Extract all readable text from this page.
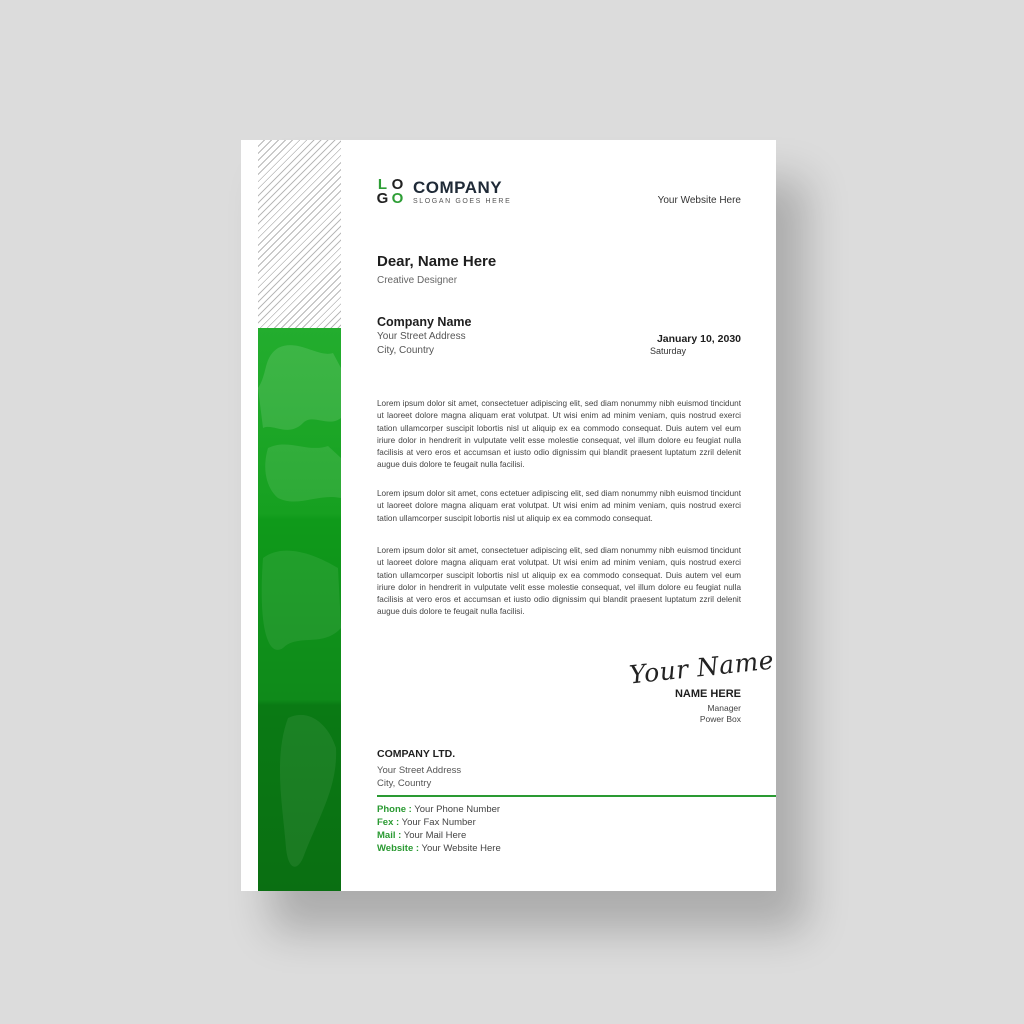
L O
G O
COMPANY
SLOGAN GOES HERE	Your Website Here
Dear, Name Here
Creative Designer
Company Name
Your Street Address
City, Country
January 10, 2030
Saturday

Lorem ipsum dolor sit amet, consectetuer adipiscing elit, sed diam nonummy nibh euismod tincidunt ut laoreet dolore magna aliquam erat volutpat. Ut wisi enim ad minim veniam, quis nostrud exerci tation ullamcorper suscipit lobortis nisl ut aliquip ex ea commodo consequat. Duis autem vel eum iriure dolor in hendrerit in vulputate velit esse molestie consequat, vel illum dolore eu feugiat nulla facilisis at vero eros et accumsan et iusto odio dignissim qui blandit praesent luptatum zzril delenit augue duis dolore te feugait nulla facilisi.

Lorem ipsum dolor sit amet, cons ectetuer adipiscing elit, sed diam nonummy nibh euismod tincidunt ut laoreet dolore magna aliquam erat volutpat. Ut wisi enim ad minim veniam, quis nostrud exerci tation ullamcorper suscipit lobortis nisl ut aliquip ex ea commodo consequat.

Lorem ipsum dolor sit amet, consectetuer adipiscing elit, sed diam nonummy nibh euismod tincidunt ut laoreet dolore magna aliquam erat volutpat. Ut wisi enim ad minim veniam, quis nostrud exerci tation ullamcorper suscipit lobortis nisl ut aliquip ex ea commodo consequat. Duis autem vel eum iriure dolor in hendrerit in vulputate velit esse molestie consequat, vel illum dolore eu feugiat nulla facilisis at vero eros et accumsan et iusto odio dignissim qui blandit praesent luptatum zzril delenit augue duis dolore te feugait nulla facilisi.

Your Name
NAME HERE
Manager
Power Box
COMPANY LTD.
Your Street Address
City, Country
Phone : Your Phone Number
Fex : Your Fax Number
Mail : Your Mail Here
Website : Your Website Here
